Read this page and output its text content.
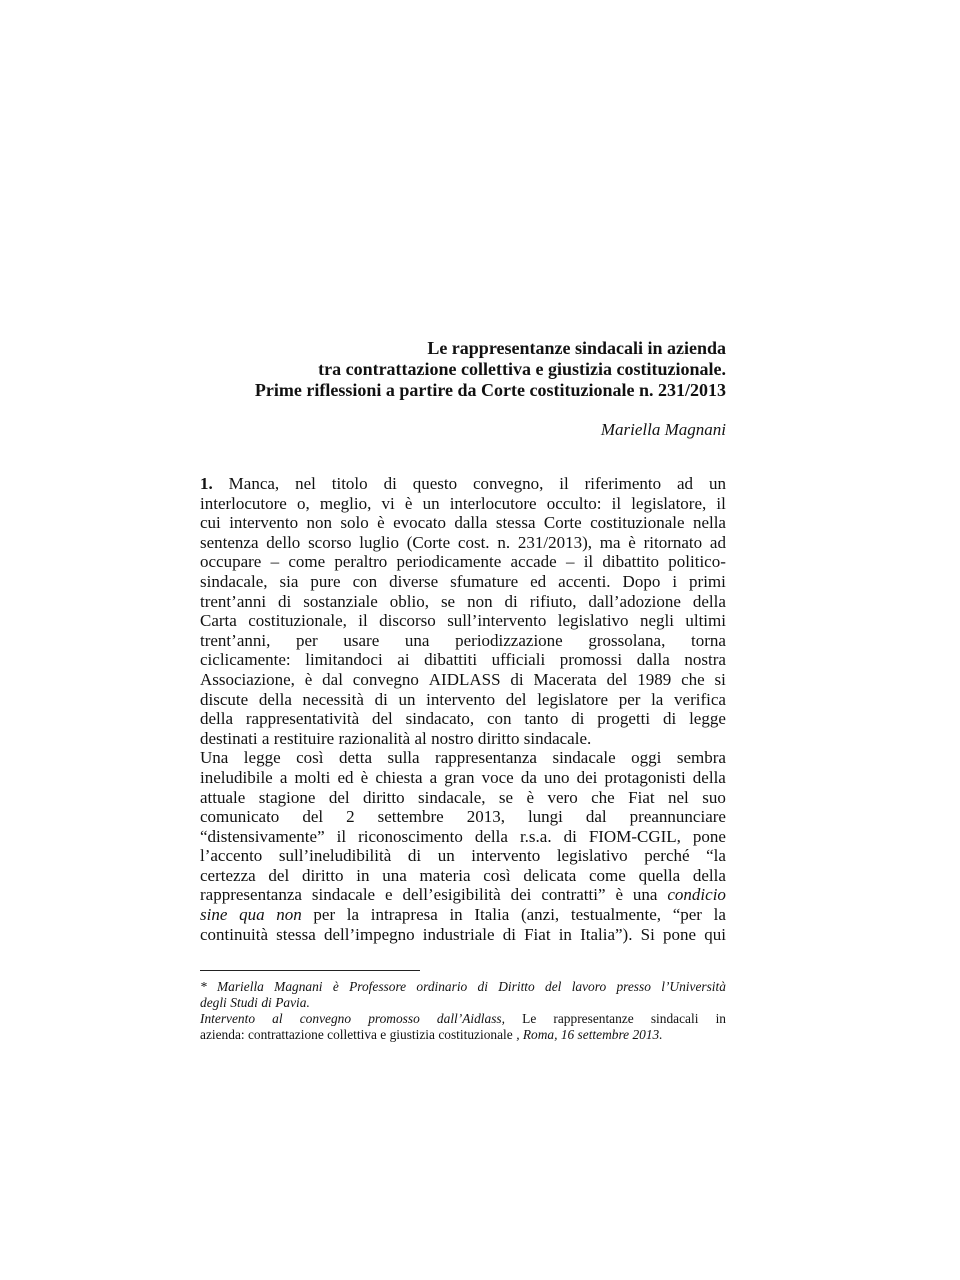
Le rappresentanze sindacali in azienda
tra contrattazione collettiva e giustizia costituzionale.
Prime riflessioni a partire da Corte costituzionale n. 231/2013
Mariella Magnani
1. Manca, nel titolo di questo convegno, il riferimento ad un
interlocutore o, meglio, vi è un interlocutore occulto: il legislatore, il
cui intervento non solo è evocato dalla stessa Corte costituzionale nella
sentenza dello scorso luglio (Corte cost. n. 231/2013), ma è ritornato ad
occupare – come peraltro periodicamente accade – il dibattito politico-
sindacale, sia pure con diverse sfumature ed accenti. Dopo i primi
trent’anni di sostanziale oblio, se non di rifiuto, dall’adozione della
Carta costituzionale, il discorso sull’intervento legislativo negli ultimi
trent’anni, per usare una periodizzazione grossolana, torna
ciclicamente: limitandoci ai dibattiti ufficiali promossi dalla nostra
Associazione, è dal convegno AIDLASS di Macerata del 1989 che si
discute della necessità di un intervento del legislatore per la verifica
della rappresentatività del sindacato, con tanto di progetti di legge
destinati a restituire razionalità al nostro diritto sindacale.
Una legge così detta sulla rappresentanza sindacale oggi sembra
ineludibile a molti ed è chiesta a gran voce da uno dei protagonisti della
attuale stagione del diritto sindacale, se è vero che Fiat nel suo
comunicato del 2 settembre 2013, lungi dal preannunciare
“distensivamente” il riconoscimento della r.s.a. di FIOM-CGIL, pone
l’accento sull’ineludibilità di un intervento legislativo perché “la
certezza del diritto in una materia così delicata come quella della
rappresentanza sindacale e dell’esigibilità dei contratti” è una condicio
sine qua non per la intrapresa in Italia (anzi, testualmente, “per la
continuità stessa dell’impegno industriale di Fiat in Italia”). Si pone qui
* Mariella Magnani è Professore ordinario di Diritto del lavoro presso l’Università
degli Studi di Pavia.
Intervento al convegno promosso dall’Aidlass, Le rappresentanze sindacali in
azienda: contrattazione collettiva e giustizia costituzionale , Roma, 16 settembre 2013.
